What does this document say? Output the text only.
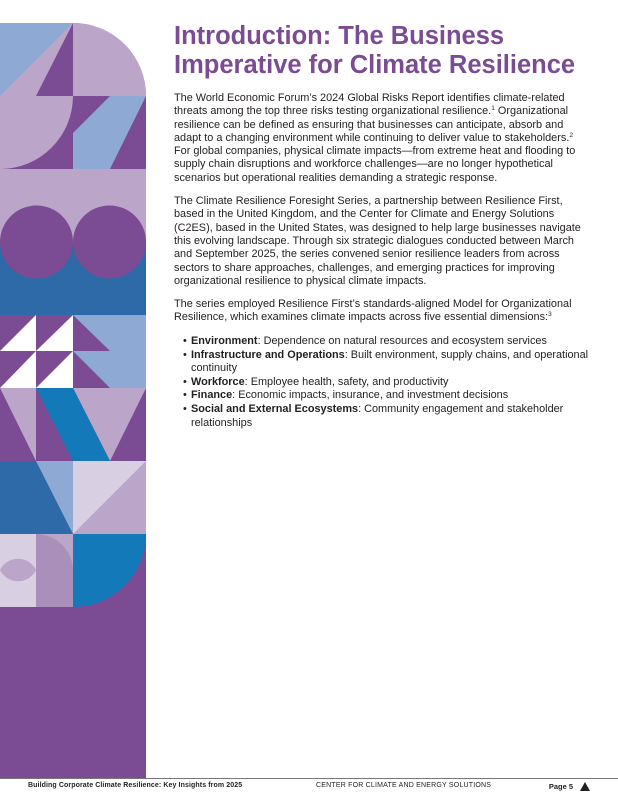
Introduction: The Business Imperative for Climate Resilience

The World Economic Forum’s 2024 Global Risks Report identifies climate-related threats among the top three risks testing organizational resilience.$^1$ Organizational resilience can be defined as ensuring that businesses can anticipate, absorb and adapt to a changing environment while continuing to deliver value to stakeholders.$^2$ For global companies, physical climate impacts—from extreme heat and flooding to supply chain disruptions and workforce challenges—are no longer hypothetical scenarios but operational realities demanding a strategic response.

The Climate Resilience Foresight Series, a partnership between Resilience First, based in the United Kingdom, and the Center for Climate and Energy Solutions (C2ES), based in the United States, was designed to help large businesses navigate this evolving landscape. Through six strategic dialogues conducted between March and September 2025, the series convened senior resilience leaders from across sectors to share approaches, challenges, and emerging practices for improving organizational resilience to physical climate impacts.

The series employed Resilience First’s standards-aligned Model for Organizational Resilience, which examines climate impacts across five essential dimensions:$^3$

• Environment: Dependence on natural resources and ecosystem services
• Infrastructure and Operations: Built environment, supply chains, and operational continuity
• Workforce: Employee health, safety, and productivity
• Finance: Economic impacts, insurance, and investment decisions
• Social and External Ecosystems: Community engagement and stakeholder relationships
Building Corporate Climate Resilience: Key Insights from 2025	CENTER FOR CLIMATE AND ENERGY SOLUTIONS	Page 5
